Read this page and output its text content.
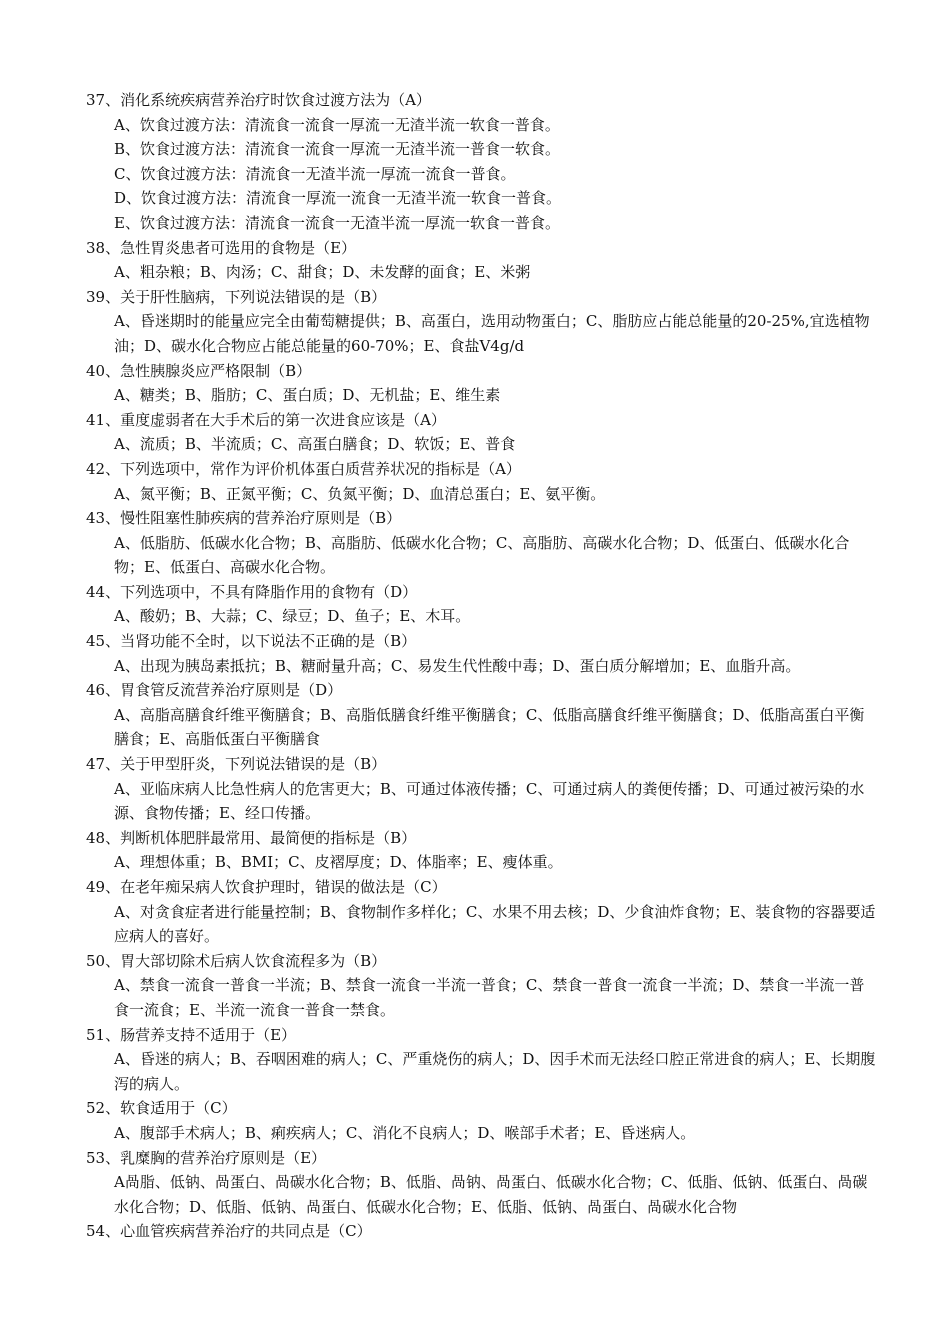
37、消化系统疾病营养治疗时饮食过渡方法为（A）

A、饮食过渡方法：清流食一流食一厚流一无渣半流一软食一普食。

B、饮食过渡方法：清流食一流食一厚流一无渣半流一普食一软食。

C、饮食过渡方法：清流食一无渣半流一厚流一流食一普食。

D、饮食过渡方法：清流食一厚流一流食一无渣半流一软食一普食。

E、饮食过渡方法：清流食一流食一无渣半流一厚流一软食一普食。

38、急性胃炎患者可选用的食物是（E）

A、粗杂粮；B、肉汤；C、甜食；D、未发酵的面食；E、米粥

39、关于肝性脑病，下列说法错误的是（B）

A、昏迷期时的能量应完全由葡萄糖提供；B、高蛋白，选用动物蛋白；C、脂肪应占能总能量的20-25%,宜选植物油；D、碳水化合物应占能总能量的60-70%；E、食盐V4g/d

40、急性胰腺炎应严格限制（B）

A、糖类；B、脂肪；C、蛋白质；D、无机盐；E、维生素

41、重度虚弱者在大手术后的第一次进食应该是（A）

A、流质；B、半流质；C、高蛋白膳食；D、软饭；E、普食

42、下列选项中，常作为评价机体蛋白质营养状况的指标是（A）

A、氮平衡；B、正氮平衡；C、负氮平衡；D、血清总蛋白；E、氨平衡。

43、慢性阻塞性肺疾病的营养治疗原则是（B）

A、低脂肪、低碳水化合物；B、高脂肪、低碳水化合物；C、高脂肪、高碳水化合物；D、低蛋白、低碳水化合物；E、低蛋白、高碳水化合物。

44、下列选项中，不具有降脂作用的食物有（D）

A、酸奶；B、大蒜；C、绿豆；D、鱼子；E、木耳。

45、当肾功能不全时，以下说法不正确的是（B）

A、出现为胰岛素抵抗；B、糖耐量升高；C、易发生代性酸中毒；D、蛋白质分解增加；E、血脂升高。

46、胃食管反流营养治疗原则是（D）

A、高脂高膳食纤维平衡膳食；B、高脂低膳食纤维平衡膳食；C、低脂高膳食纤维平衡膳食；D、低脂高蛋白平衡膳食；E、高脂低蛋白平衡膳食

47、关于甲型肝炎，下列说法错误的是（B）

A、亚临床病人比急性病人的危害更大；B、可通过体液传播；C、可通过病人的粪便传播；D、可通过被污染的水源、食物传播；E、经口传播。

48、判断机体肥胖最常用、最简便的指标是（B）

A、理想体重；B、BMI；C、皮褶厚度；D、体脂率；E、瘦体重。

49、在老年痴呆病人饮食护理时，错误的做法是（C）

A、对贪食症者进行能量控制；B、食物制作多样化；C、水果不用去核；D、少食油炸食物；E、装食物的容器要适应病人的喜好。

50、胃大部切除术后病人饮食流程多为（B）

A、禁食一流食一普食一半流；B、禁食一流食一半流一普食；C、禁食一普食一流食一半流；D、禁食一半流一普食一流食；E、半流一流食一普食一禁食。

51、肠营养支持不适用于（E）

A、昏迷的病人；B、吞咽困难的病人；C、严重烧伤的病人；D、因手术而无法经口腔正常进食的病人；E、长期腹泻的病人。

52、软食适用于（C）

A、腹部手术病人；B、痢疾病人；C、消化不良病人；D、喉部手术者；E、昏迷病人。

53、乳糜胸的营养治疗原则是（E）

A咼脂、低钠、咼蛋白、咼碳水化合物；B、低脂、咼钠、咼蛋白、低碳水化合物；C、低脂、低钠、低蛋白、咼碳水化合物；D、低脂、低钠、咼蛋白、低碳水化合物；E、低脂、低钠、咼蛋白、咼碳水化合物

54、心血管疾病营养治疗的共同点是（C）
